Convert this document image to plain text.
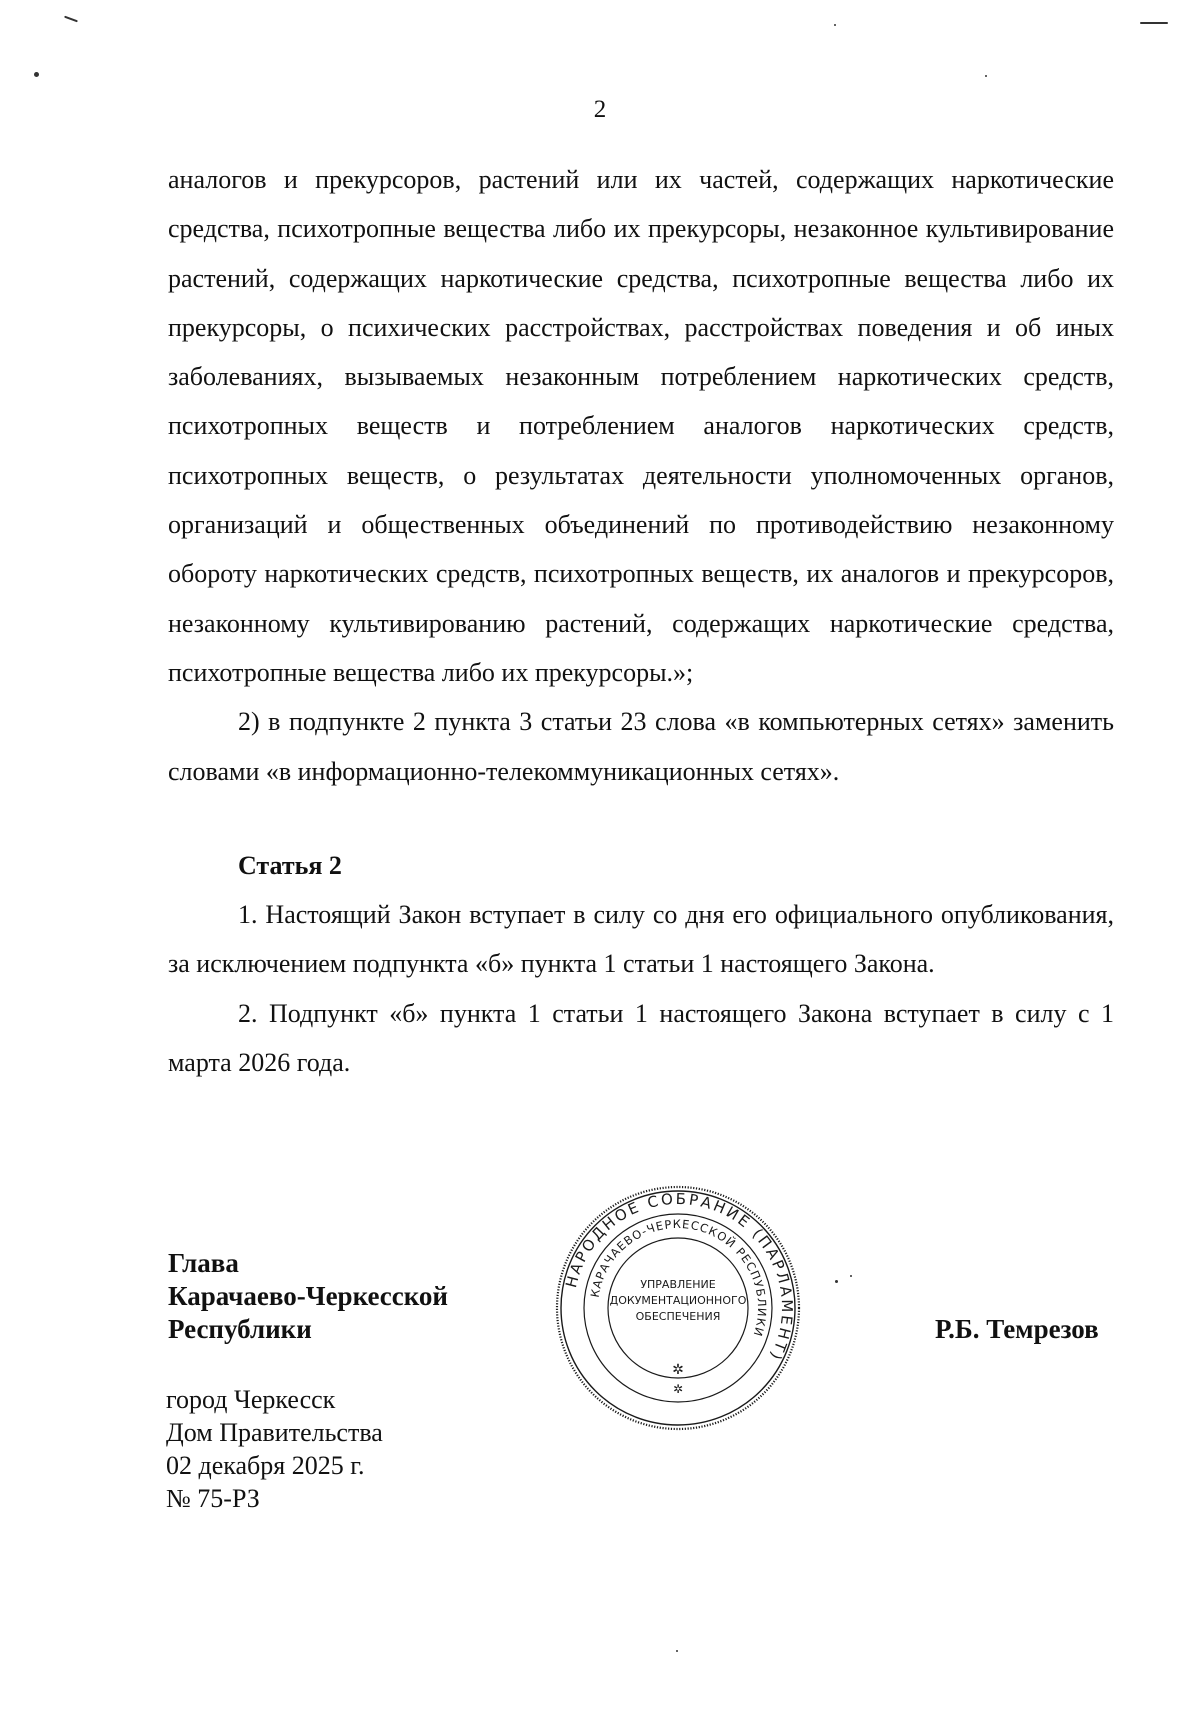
2

аналогов и прекурсоров, растений или их частей, содержащих наркотические средства, психотропные вещества либо их прекурсоры, незаконное культивирование растений, содержащих наркотические средства, психотропные вещества либо их прекурсоры, о психических расстройствах, расстройствах поведения и об иных заболеваниях, вызываемых незаконным потреблением наркотических средств, психотропных веществ и потреблением аналогов наркотических средств, психотропных веществ, о результатах деятельности уполномоченных органов, организаций и общественных объединений по противодействию незаконному обороту наркотических средств, психотропных веществ, их аналогов и прекурсоров, незаконному культивированию растений, содержащих наркотические средства, психотропные вещества либо их прекурсоры.»;

2) в подпункте 2 пункта 3 статьи 23 слова «в компьютерных сетях» заменить словами «в информационно-телекоммуникационных сетях».

Статья 2

1. Настоящий Закон вступает в силу со дня его официального опубликования, за исключением подпункта «б» пункта 1 статьи 1 настоящего Закона.

2. Подпункт «б» пункта 1 статьи 1 настоящего Закона вступает в силу с 1 марта 2026 года.

Глава
Карачаево-Черкесской
Республики	Р.Б. Темрезов
город Черкесск
Дом Правительства
02 декабря 2025 г.
№ 75-РЗ
НАРОДНОЕ СОБРАНИЕ (ПАРЛАМЕНТ)
КАРАЧАЕВО-ЧЕРКЕССКОЙ РЕСПУБЛИКИ
УПРАВЛЕНИЕ
ДОКУМЕНТАЦИОННОГО
ОБЕСПЕЧЕНИЯ
✲
✲
